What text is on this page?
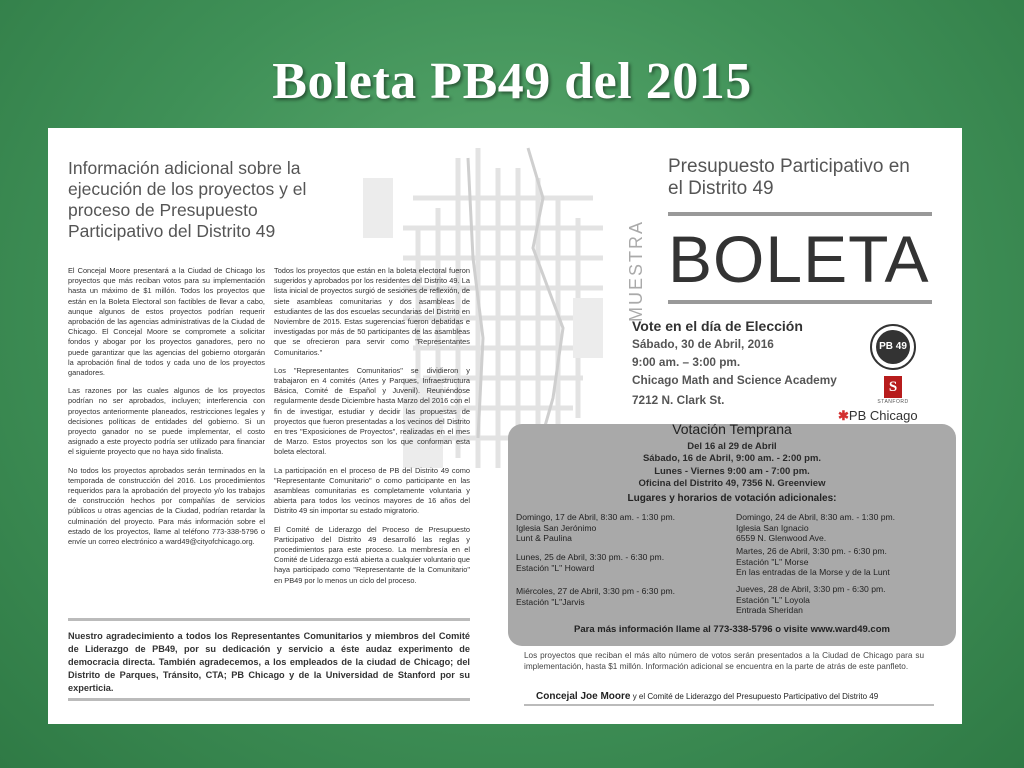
Boleta PB49 del 2015
Información adicional sobre la ejecución de los proyectos y el proceso de Presupuesto Participativo del Distrito 49

El Concejal Moore presentará a la Ciudad de Chicago los proyectos que más reciban votos para su implementación hasta un máximo de $1 millón. Todos los proyectos que están en la Boleta Electoral son factibles de llevar a cabo, aunque algunos de estos proyectos podrían requerir aprobación de las agencias administrativas de la Ciudad de Chicago. El Concejal Moore se compromete a solicitar fondos y abogar por los proyectos ganadores, pero no puede garantizar que las agencias del gobierno otorgarán la aprobación final de todos y cada uno de los proyectos ganadores.

Las razones por las cuales algunos de los proyectos podrían no ser aprobados, incluyen; interferencia con proyectos anteriormente planeados, restricciones legales y decisiones políticas de entidades del gobierno. Si un proyecto ganador no se puede implementar, el costo asignado a este proyecto podría ser utilizado para financiar el siguiente proyecto que no haya sido finalista.

No todos los proyectos aprobados serán terminados en la temporada de construcción del 2016. Los procedimientos requeridos para la aprobación del proyecto y/o los trabajos de construcción hechos por compañías de servicios públicos u otras agencias de la Ciudad, podrían retardar la culminación del proyecto. Para más información sobre el estado de los proyectos, llame al teléfono 773-338-5796 o envíe un correo electrónico a ward49@cityofchicago.org.

Todos los proyectos que están en la boleta electoral fueron sugeridos y aprobados por los residentes del Distrito 49. La lista inicial de proyectos surgió de sesiones de reflexión, de siete asambleas comunitarias y dos asambleas de estudiantes de las dos escuelas secundarias del Distrito en Noviembre de 2015. Estas sugerencias fueron debatidas e investigadas por más de 50 participantes de las asambleas que se ofrecieron para servir como "Representantes Comunitarios."

Los "Representantes Comunitarios" se dividieron y trabajaron en 4 comités (Artes y Parques, Infraestructura Básica, Comité de Español y Juvenil). Reuniéndose regularmente desde Diciembre hasta Marzo del 2016 con el fin de investigar, estudiar y decidir las propuestas de proyectos que fueron presentadas a los vecinos del Distrito en tres "Exposiciones de Proyectos", realizadas en el mes de Marzo. Estos proyectos son los que conforman esta boleta electoral.

La participación en el proceso de PB del Distrito 49 como "Representante Comunitario" o como participante en las asambleas comunitarias es completamente voluntaria y abierta para todos los vecinos mayores de 16 años del Distrito 49 sin importar su estado migratorio.

El Comité de Liderazgo del Proceso de Presupuesto Participativo del Distrito 49 desarrolló las reglas y procedimientos para este proceso. La membresía en el Comité de Liderazgo está abierta a cualquier voluntario que haya participado como "Representante de la Comunitario" en PB49 por lo menos un ciclo del proceso.

Nuestro agradecimiento a todos los Representantes Comunitarios y miembros del Comité de Liderazgo de PB49, por su dedicación y servicio a éste audaz experimento de democracia directa. También agradecemos, a los empleados de la ciudad de Chicago; del Distrito de Parques, Tránsito, CTA; PB Chicago y de la Universidad de Stanford por su experticia.
Presupuesto Participativo en el Distrito 49
MUESTRA BOLETA
Vote en el día de Elección
Sábado, 30 de Abril, 2016
9:00 am. – 3:00 pm.
Chicago Math and Science Academy
7212 N. Clark St.
PB 49
S
STANFORD
✱PB Chicago
Votación Temprana
Del 16 al 29 de Abril
Sábado, 16 de Abril, 9:00 am. - 2:00 pm.
Lunes - Viernes 9:00 am - 7:00 pm.
Oficina del Distrito 49, 7356 N. Greenview
Lugares y horarios de votación adicionales:
Domingo, 17 de Abril, 8:30 am. - 1:30 pm.
Iglesia San Jerónimo
Lunt & Paulina
Lunes, 25 de Abril, 3:30 pm. - 6:30 pm.
Estación "L" Howard
Miércoles, 27 de Abril, 3:30 pm - 6:30 pm.
Estación "L"Jarvis
Domingo, 24 de Abril, 8:30 am. - 1:30 pm.
Iglesia San Ignacio
6559 N. Glenwood Ave.
Martes, 26 de Abril, 3:30 pm. - 6:30 pm.
Estación "L" Morse
En las entradas de la Morse y de la Lunt
Jueves, 28 de Abril, 3:30 pm - 6:30 pm.
Estación "L" Loyola
Entrada Sheridan
Para más información llame al 773-338-5796 o visite www.ward49.com
Los proyectos que reciban el más alto número de votos serán presentados a la Ciudad de Chicago para su implementación, hasta $1 millón. Información adicional se encuentra en la parte de atrás de este panfleto.
Concejal Joe Moore y el Comité de Liderazgo del Presupuesto Participativo del Distrito 49
